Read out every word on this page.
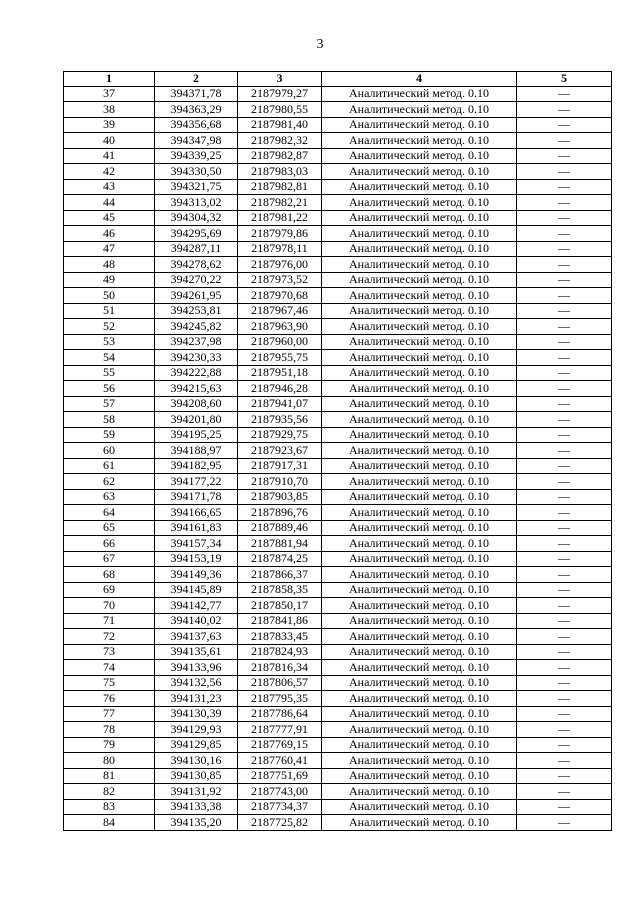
3
1	2	3	4	5
37	394371,78	2187979,27	Аналитический метод. 0.10	—
38	394363,29	2187980,55	Аналитический метод. 0.10	—
39	394356,68	2187981,40	Аналитический метод. 0.10	—
40	394347,98	2187982,32	Аналитический метод. 0.10	—
41	394339,25	2187982,87	Аналитический метод. 0.10	—
42	394330,50	2187983,03	Аналитический метод. 0.10	—
43	394321,75	2187982,81	Аналитический метод. 0.10	—
44	394313,02	2187982,21	Аналитический метод. 0.10	—
45	394304,32	2187981,22	Аналитический метод. 0.10	—
46	394295,69	2187979,86	Аналитический метод. 0.10	—
47	394287,11	2187978,11	Аналитический метод. 0.10	—
48	394278,62	2187976,00	Аналитический метод. 0.10	—
49	394270,22	2187973,52	Аналитический метод. 0.10	—
50	394261,95	2187970,68	Аналитический метод. 0.10	—
51	394253,81	2187967,46	Аналитический метод. 0.10	—
52	394245,82	2187963,90	Аналитический метод. 0.10	—
53	394237,98	2187960,00	Аналитический метод. 0.10	—
54	394230,33	2187955,75	Аналитический метод. 0.10	—
55	394222,88	2187951,18	Аналитический метод. 0.10	—
56	394215,63	2187946,28	Аналитический метод. 0.10	—
57	394208,60	2187941,07	Аналитический метод. 0.10	—
58	394201,80	2187935,56	Аналитический метод. 0.10	—
59	394195,25	2187929,75	Аналитический метод. 0.10	—
60	394188,97	2187923,67	Аналитический метод. 0.10	—
61	394182,95	2187917,31	Аналитический метод. 0.10	—
62	394177,22	2187910,70	Аналитический метод. 0.10	—
63	394171,78	2187903,85	Аналитический метод. 0.10	—
64	394166,65	2187896,76	Аналитический метод. 0.10	—
65	394161,83	2187889,46	Аналитический метод. 0.10	—
66	394157,34	2187881,94	Аналитический метод. 0.10	—
67	394153,19	2187874,25	Аналитический метод. 0.10	—
68	394149,36	2187866,37	Аналитический метод. 0.10	—
69	394145,89	2187858,35	Аналитический метод. 0.10	—
70	394142,77	2187850,17	Аналитический метод. 0.10	—
71	394140,02	2187841,86	Аналитический метод. 0.10	—
72	394137,63	2187833,45	Аналитический метод. 0.10	—
73	394135,61	2187824,93	Аналитический метод. 0.10	—
74	394133,96	2187816,34	Аналитический метод. 0.10	—
75	394132,56	2187806,57	Аналитический метод. 0.10	—
76	394131,23	2187795,35	Аналитический метод. 0.10	—
77	394130,39	2187786,64	Аналитический метод. 0.10	—
78	394129,93	2187777,91	Аналитический метод. 0.10	—
79	394129,85	2187769,15	Аналитический метод. 0.10	—
80	394130,16	2187760,41	Аналитический метод. 0.10	—
81	394130,85	2187751,69	Аналитический метод. 0.10	—
82	394131,92	2187743,00	Аналитический метод. 0.10	—
83	394133,38	2187734,37	Аналитический метод. 0.10	—
84	394135,20	2187725,82	Аналитический метод. 0.10	—
